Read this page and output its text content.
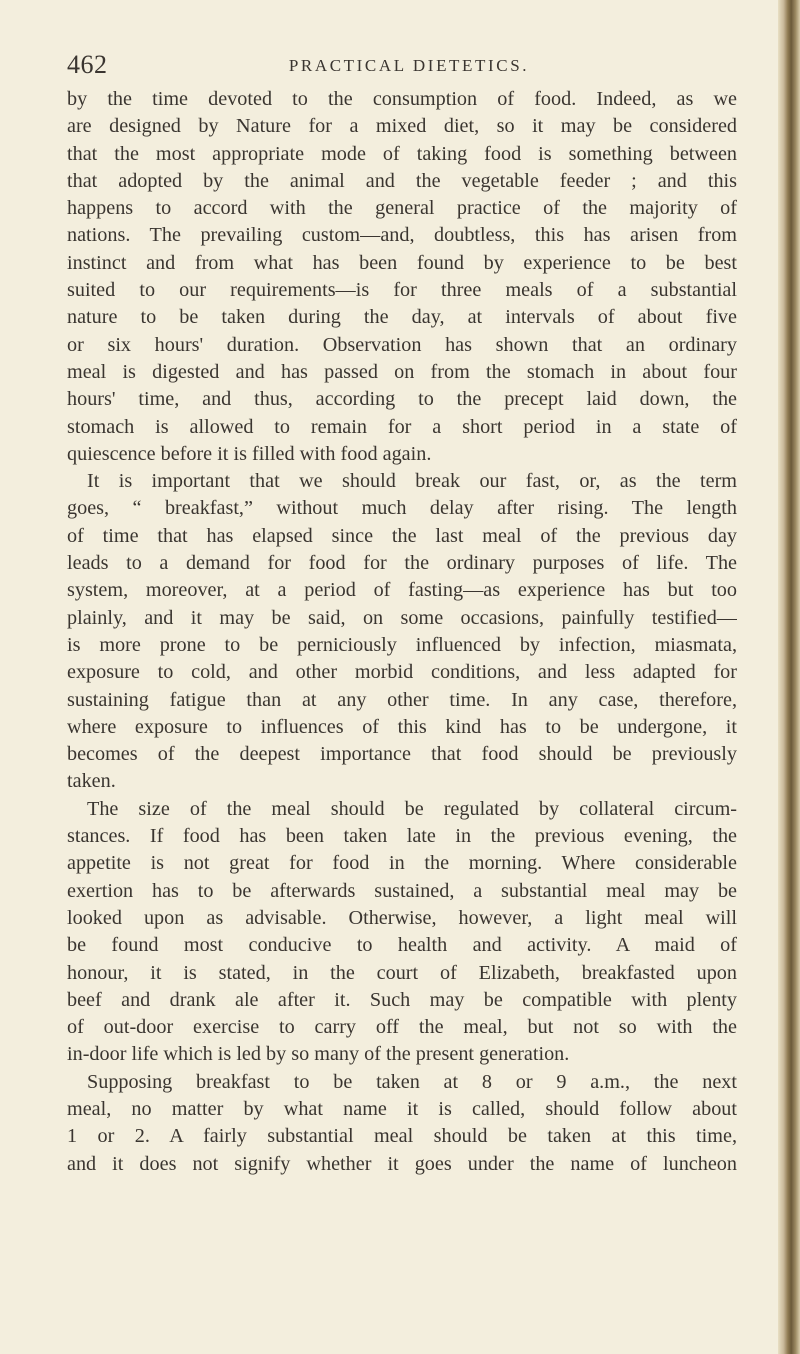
462	PRACTICAL DIETETICS.
by the time devoted to the consumption of food. Indeed, as we
are designed by Nature for a mixed diet, so it may be considered
that the most appropriate mode of taking food is something between
that adopted by the animal and the vegetable feeder ; and this
happens to accord with the general practice of the majority of
nations. The prevailing custom—and, doubtless, this has arisen from
instinct and from what has been found by experience to be best
suited to our requirements—is for three meals of a substantial
nature to be taken during the day, at intervals of about five
or six hours' duration. Observation has shown that an ordinary
meal is digested and has passed on from the stomach in about four
hours' time, and thus, according to the precept laid down, the
stomach is allowed to remain for a short period in a state of
quiescence before it is filled with food again.
It is important that we should break our fast, or, as the term
goes, “ breakfast,” without much delay after rising. The length
of time that has elapsed since the last meal of the previous day
leads to a demand for food for the ordinary purposes of life. The
system, moreover, at a period of fasting—as experience has but too
plainly, and it may be said, on some occasions, painfully testified—
is more prone to be perniciously influenced by infection, miasmata,
exposure to cold, and other morbid conditions, and less adapted for
sustaining fatigue than at any other time. In any case, therefore,
where exposure to influences of this kind has to be undergone, it
becomes of the deepest importance that food should be previously
taken.
The size of the meal should be regulated by collateral circum-
stances. If food has been taken late in the previous evening, the
appetite is not great for food in the morning. Where considerable
exertion has to be afterwards sustained, a substantial meal may be
looked upon as advisable. Otherwise, however, a light meal will
be found most conducive to health and activity. A maid of
honour, it is stated, in the court of Elizabeth, breakfasted upon
beef and drank ale after it. Such may be compatible with plenty
of out-door exercise to carry off the meal, but not so with the
in-door life which is led by so many of the present generation.
Supposing breakfast to be taken at 8 or 9 a.m., the next
meal, no matter by what name it is called, should follow about
1 or 2. A fairly substantial meal should be taken at this time,
and it does not signify whether it goes under the name of luncheon
